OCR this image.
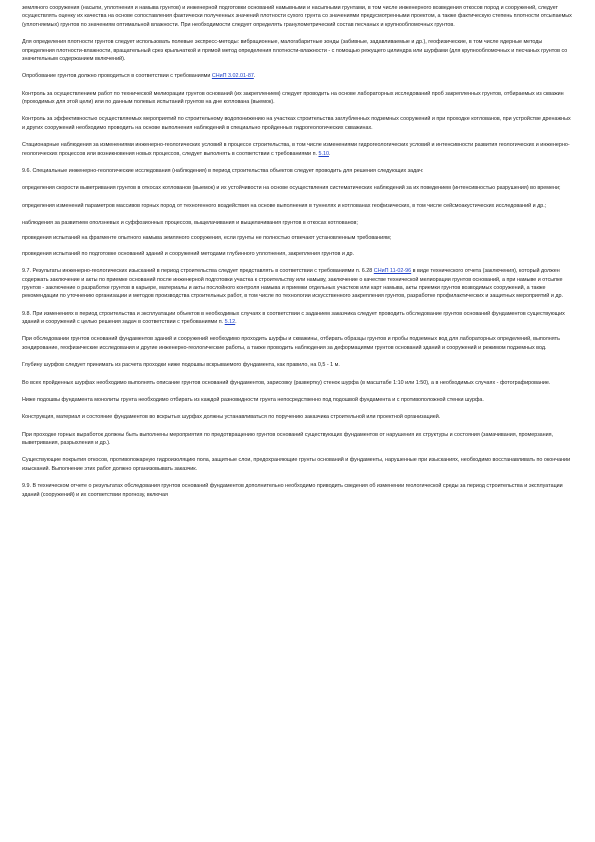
земляного сооружения (насыпи, уплотнения и намыва грунтов) и инженерной подготовки оснований намывными и насыпными грунтами, в том числе инженерного возведения откосов пород и сооружений, следует осуществлять оценку их качества на основе сопоставления фактически полученных значений плотности сухого грунта со значениями предусмотренными проектом, а также фактическую степень плотности отсыпаемых (уплотняемых) грунтов по значениям оптимальной влажности. При необходимости следует определять гранулометрический состав песчаных и крупнообломочных грунтов.

Для определения плотности грунтов следует использовать полевые экспресс-методы: вибрационные, малогабаритные зонды (забивные, задавливаемые и др.), геофизические, в том числе ядерные методы определения плотности-влажности, вращательный срез крыльчаткой и прямой метод определения плотности-влажности - с помощью режущего цилиндра или шурфами (для крупнообломочных и песчаных грунтов со значительным содержанием включений).

Опробование грунтов должно проводиться в соответствии с требованиями СНиП 3.02.01-87.

Контроль за осуществлением работ по технической мелиорации грунтов оснований (их закреплением) следует проводить на основе лабораторных исследований проб закрепленных грунтов, отбираемых из скважин (проходимых для этой цели) или по данным полевых испытаний грунтов на дне котлована (выемок).

Контроль за эффективностью осуществляемых мероприятий по строительному водопонижению на участках строительства заглубленных подземных сооружений и при проходке котлованов, при устройстве дренажных и других сооружений необходимо проводить на основе выполнения наблюдений в специально пройденных гидрогеологических скважинах.

Стационарные наблюдения за изменениями инженерно-геологических условий в процессе строительства, в том числе изменениями гидрогеологических условий и интенсивности развития геологических и инженерно-геологических процессов или возникновения новых процессов, следует выполнять в соответствии с требованиями п. 5.10.

9.6. Специальные инженерно-геологические исследования (наблюдения) в период строительства объектов следует проводить для решения следующих задач:

определения скорости выветривания грунтов в откосах котлованов (выемок) и их устойчивости на основе осуществления систематических наблюдений за их поведением (интенсивностью разрушения) во времени;

определения изменений параметров массивов горных пород от техногенного воздействия на основе выполнения в туннелях и котлованах геофизических, в том числе сейсмоакустических исследований и др.;

наблюдения за развитием оползневых и суффозионных процессов, выщелачивания и выщелачивания грунтов в откосах котлованов;

проведения испытаний на фрагменте опытного намыва земляного сооружения, если грунты не полностью отвечают установленным требованиям;

проведения испытаний по подготовке оснований зданий и сооружений методами глубинного уплотнения, закрепления грунтов и др.

9.7. Результаты инженерно-геологических изысканий в период строительства следует представлять в соответствии с требованиями п. 6.28 СНиП 11-02-96 в виде технического отчета (заключения), который должен содержать заключение и акты по приемке оснований после инженерной подготовки участка к строительству или намыву, заключение о качестве технической мелиорации грунтов оснований, а при намыве и отсыпке грунтов - заключение о разработке грунтов в карьере, материалы и акты послойного контроля намыва и приемки отдельных участков или карт намыва, акты приемки грунтов возводимых сооружений, а также рекомендации по уточнению организации и методов производства строительных работ, в том числе по технологии искусственного закрепления грунтов, разработке профилактических и защитных мероприятий и др.

9.8. При изменениях в период строительства и эксплуатации объектов в необходимых случаях в соответствии с заданием заказчика следует проводить обследование грунтов оснований фундаментов существующих зданий и сооружений с целью решения задач в соответствии с требованиями п. 5.12.

При обследовании грунтов оснований фундаментов зданий и сооружений необходимо проходить шурфы и скважины, отбирать образцы грунтов и пробы подземных вод для лабораторных определений, выполнять зондирование, геофизические исследования и другие инженерно-геологические работы, а также проводить наблюдения за деформациями грунтов оснований зданий и сооружений и режимом подземных вод.

Глубину шурфов следует принимать из расчета проходки ниже подошвы вскрываемого фундамента, как правило, на 0,5 - 1 м.

Во всех пройденных шурфах необходимо выполнять описание грунтов оснований фундаментов, зарисовку (развертку) стенок шурфа (в масштабе 1:10 или 1:50), а в необходимых случаях - фотографирование.

Ниже подошвы фундамента монолиты грунта необходимо отбирать из каждой разновидности грунта непосредственно под подошвой фундамента и с противоположной стенки шурфа.

Конструкция, материал и состояние фундаментов во вскрытых шурфах должны устанавливаться по поручению заказчика строительной или проектной организацией.

При проходке горных выработок должны быть выполнены мероприятия по предотвращению грунтов оснований существующих фундаментов от нарушения их структуры и состояния (замачивания, промерзания, выветривания, разрыхления и др.).

Существующие покрытия откосов, противопожарную гидроизоляцию пола, защитные слои, предохраняющие грунты оснований и фундаменты, нарушенные при изысканиях, необходимо восстанавливать по окончании изысканий. Выполнение этих работ должно организовывать заказчик.

9.9. В техническом отчете о результатах обследования грунтов оснований фундаментов дополнительно необходимо приводить сведения об изменении геологической среды за период строительства и эксплуатации зданий (сооружений) и их соответствии прогнозу, включая
